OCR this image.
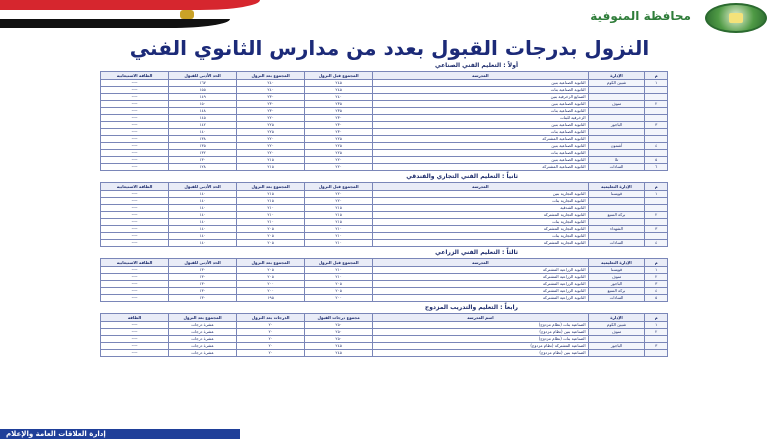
محافظة المنوفية
النزول بدرجات القبول بعدد من مدارس الثانوي الفني
أولاً : التعليم الفني الصناعي
م	الإدارة	المدرسة	المجموع قبل النزول	المجموع بعد النزول	الحد الأدنى للقبول	الطاقة الاستيعابية
١	شبين الكوم	الثانوية الصناعية بنين	٢٤٥	٢٤٠	١٦٧	----
		الثانوية الصناعية بنات	٢٤٥	٢٤٠	١٥٥	----
		الصنايع الزخرفية بنين	٢٤٠	٢٣٠	١٤٩	----
٢	منوف	الثانوية الصناعية بنين	٢٣٥	٢٣٠	١٥٠	----
		الثانوية الصناعية بنات	٢٣٥	٢٣٠	١٤٨	----
		الزخرفية للبنات	٢٣٠	٢٢٠	١٤٥	----
٣	الباجور	الثانوية الصناعية بنين	٢٣٠	٢٢٥	١٤٢	----
		الثانوية الصناعية بنات	٢٣٠	٢٢٥	١٤٠	----
		الثانوية الصناعية المشتركة	٢٢٥	٢٢٠	١٣٨	----
٤	أشمون	الثانوية الصناعية بنين	٢٢٥	٢٢٠	١٣٥	----
		الثانوية الصناعية بنات	٢٢٥	٢٢٠	١٣٢	----
٥	تلا	الثانوية الصناعية بنين	٢٢٠	٢١٥	١٣٠	----
٦	السادات	الثانوية الصناعية المشتركة	٢٢٠	٢١٥	١٢٨	----
ثانياً : التعليم الفني التجاري والفندقي
م	الإدارة التعليمية	المدرسة	المجموع قبل النزول	المجموع بعد النزول	الحد الأدنى للقبول	الطاقة الاستيعابية
١	قويسنا	الثانوية التجارية بنين	٢٢٠	٢١٥	١٤٠	----
		الثانوية التجارية بنات	٢٢٠	٢١٥	١٤٠	----
		الثانوية الفندقية	٢١٥	٢١٠	١٤٠	----
٢	بركة السبع	الثانوية التجارية المشتركة	٢١٥	٢١٠	١٤٠	----
		الثانوية التجارية بنات	٢١٥	٢١٠	١٤٠	----
٣	الشهداء	الثانوية التجارية المشتركة	٢١٠	٢٠٥	١٤٠	----
		الثانوية التجارية بنات	٢١٠	٢٠٥	١٤٠	----
٤	السادات	الثانوية التجارية المشتركة	٢١٠	٢٠٥	١٤٠	----
ثالثاً : التعليم الفني الزراعي
م	الإدارة التعليمية	المدرسة	المجموع قبل النزول	المجموع بعد النزول	الحد الأدنى للقبول	الطاقة الاستيعابية
١	قويسنا	الثانوية الزراعية المشتركة	٢١٠	٢٠٥	١٣٠	----
٢	منوف	الثانوية الزراعية المشتركة	٢١٠	٢٠٥	١٣٠	----
٣	الباجور	الثانوية الزراعية المشتركة	٢٠٥	٢٠٠	١٣٠	----
٤	بركة السبع	الثانوية الزراعية المشتركة	٢٠٥	٢٠٠	١٣٠	----
٥	السادات	الثانوية الزراعية المشتركة	٢٠٠	١٩٥	١٣٠	----
رابعاً : التعليم والتدريب المزدوج
م	الإدارة	اسم المدرسة	مجموع درجات القبول	الدرجات بعد النزول	المجموع بعد النزول	الطاقة
١	شبين الكوم	الصناعية بنات (نظام مزدوج)	٢٥٠	٢٠	عشرة درجات	----
٢	منوف	الصناعية بنين (نظام مزدوج)	٢٥٠	٢٠	عشرة درجات	----
		الصناعية بنات (نظام مزدوج)	٢٥٠	٢٠	عشرة درجات	----
٣	الباجور	الصناعية المشتركة (نظام مزدوج)	٢٤٥	٢٠	عشرة درجات	----
		الصناعية بنين (نظام مزدوج)	٢٤٥	٢٠	عشرة درجات	----
إدارة العلاقات العامة والإعلام
